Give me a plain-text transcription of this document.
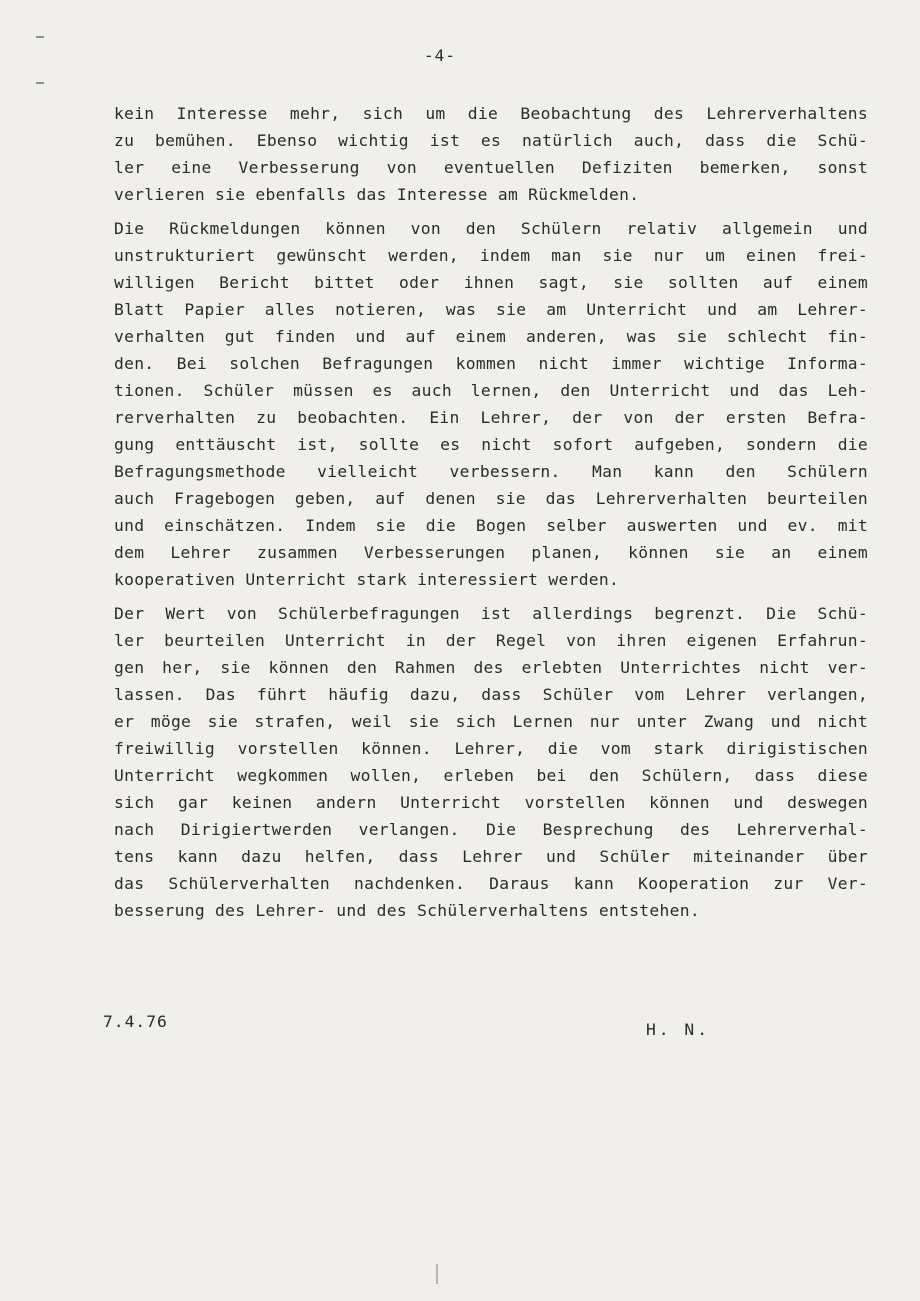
-4-

kein Interesse mehr, sich um die Beobachtung des Lehrerverhaltens
zu bemühen. Ebenso wichtig ist es natürlich auch, dass die Schü-
ler eine Verbesserung von eventuellen Defiziten bemerken, sonst
verlieren sie ebenfalls das Interesse am Rückmelden.

Die Rückmeldungen können von den Schülern relativ allgemein und
unstrukturiert gewünscht werden, indem man sie nur um einen frei-
willigen Bericht bittet oder ihnen sagt, sie sollten auf einem
Blatt Papier alles notieren, was sie am Unterricht und am Lehrer-
verhalten gut finden und auf einem anderen, was sie schlecht fin-
den. Bei solchen Befragungen kommen nicht immer wichtige Informa-
tionen. Schüler müssen es auch lernen, den Unterricht und das Leh-
rerverhalten zu beobachten. Ein Lehrer, der von der ersten Befra-
gung enttäuscht ist, sollte es nicht sofort aufgeben, sondern die
Befragungsmethode vielleicht verbessern. Man kann den Schülern
auch Fragebogen geben, auf denen sie das Lehrerverhalten beurteilen
und einschätzen. Indem sie die Bogen selber auswerten und ev. mit
dem Lehrer zusammen Verbesserungen planen, können sie an einem
kooperativen Unterricht stark interessiert werden.

Der Wert von Schülerbefragungen ist allerdings begrenzt. Die Schü-
ler beurteilen Unterricht in der Regel von ihren eigenen Erfahrun-
gen her, sie können den Rahmen des erlebten Unterrichtes nicht ver-
lassen. Das führt häufig dazu, dass Schüler vom Lehrer verlangen,
er möge sie strafen, weil sie sich Lernen nur unter Zwang und nicht
freiwillig vorstellen können. Lehrer, die vom stark dirigistischen
Unterricht wegkommen wollen, erleben bei den Schülern, dass diese
sich gar keinen andern Unterricht vorstellen können und deswegen
nach Dirigiertwerden verlangen. Die Besprechung des Lehrerverhal-
tens kann dazu helfen, dass Lehrer und Schüler miteinander über
das Schülerverhalten nachdenken. Daraus kann Kooperation zur Ver-
besserung des Lehrer- und des Schülerverhaltens entstehen.

7.4.76	H. N.
